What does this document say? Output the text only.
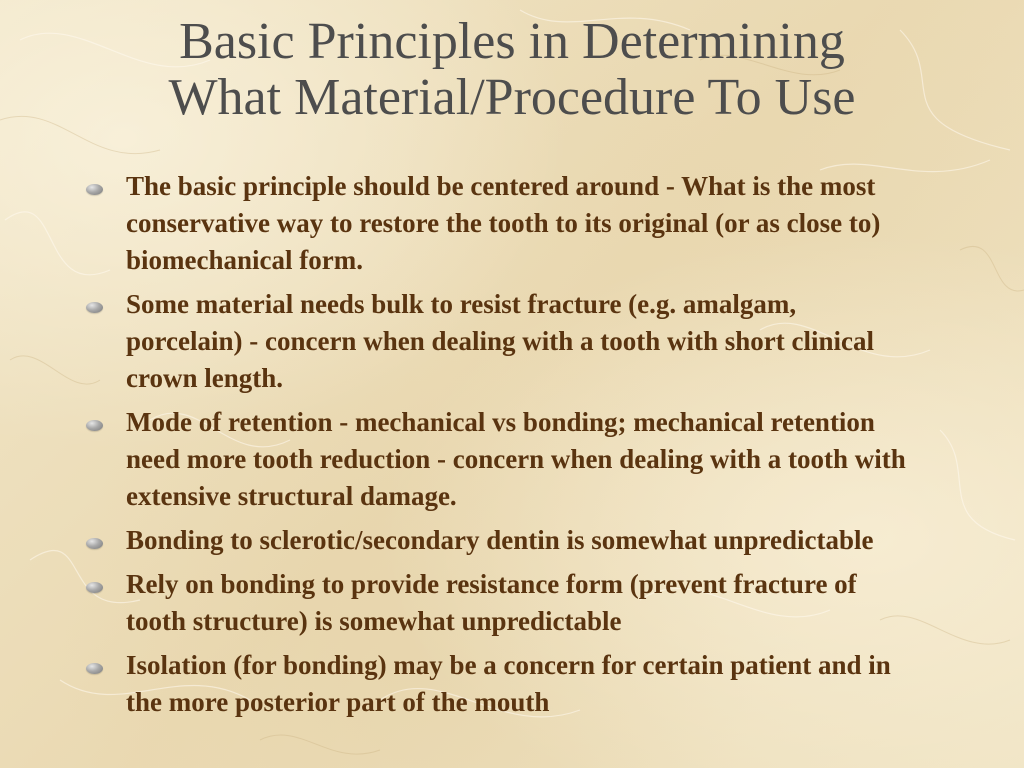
Basic Principles in Determining
What Material/Procedure To Use
The basic principle should be centered around - What is the most conservative way to restore the tooth to its original (or as close to) biomechanical form.
Some material needs bulk to resist fracture (e.g. amalgam, porcelain) - concern when dealing with a tooth with short clinical crown length.
Mode of retention - mechanical vs bonding; mechanical retention need more tooth reduction - concern when dealing with a tooth with extensive structural damage.
Bonding to sclerotic/secondary dentin is somewhat unpredictable
Rely on bonding to provide resistance form (prevent fracture of tooth structure) is somewhat unpredictable
Isolation (for bonding) may be a concern for certain patient and in the more posterior part of the mouth
